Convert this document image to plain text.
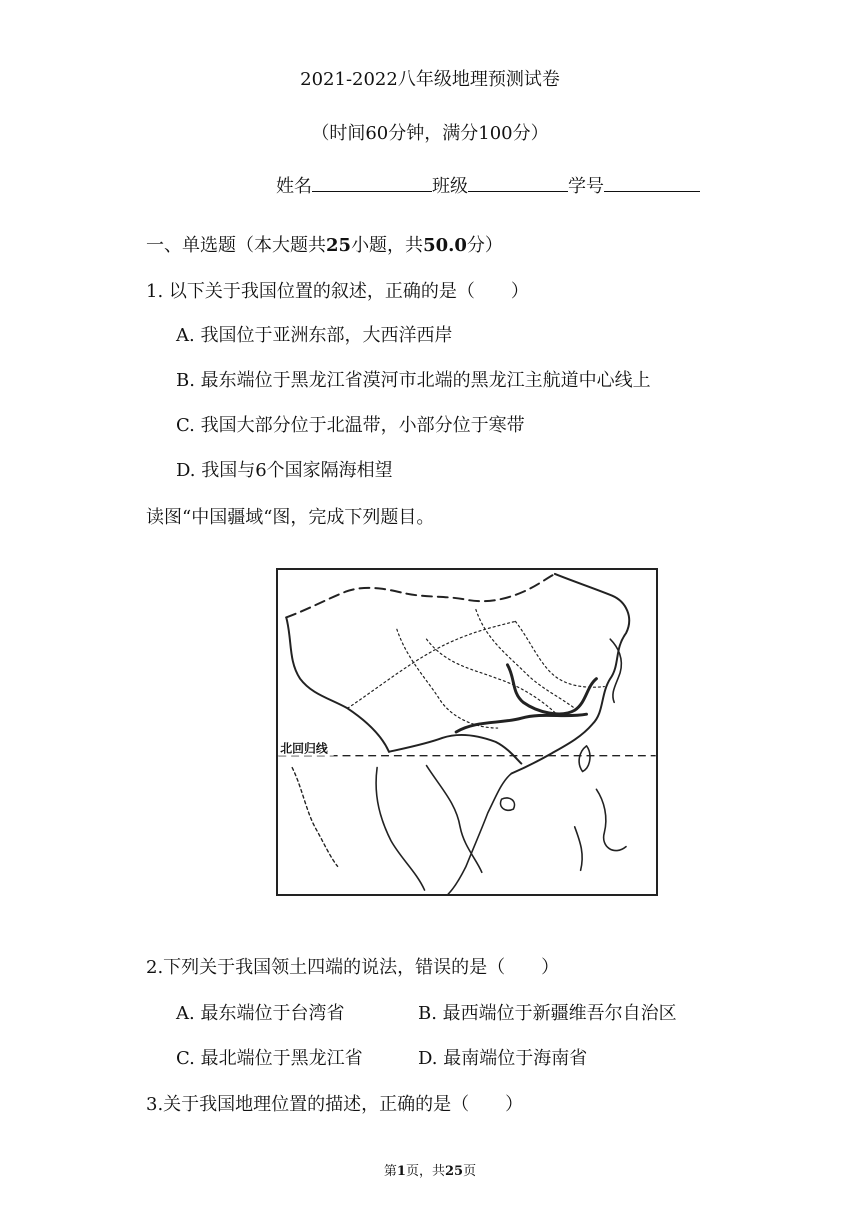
2021-2022八年级地理预测试卷
（时间60分钟，满分100分）
姓名	班级	学号
一、单选题（本大题共25小题，共50.0分）
1. 以下关于我国位置的叙述，正确的是（　　）
A. 我国位于亚洲东部，大西洋西岸
B. 最东端位于黑龙江省漠河市北端的黑龙江主航道中心线上
C. 我国大部分位于北温带，小部分位于寒带
D. 我国与6个国家隔海相望
读图“中国疆域“图，完成下列题目。
北回归线
2.下列关于我国领土四端的说法，错误的是（　　）
A. 最东端位于台湾省	B. 最西端位于新疆维吾尔自治区
C. 最北端位于黑龙江省	D. 最南端位于海南省
3.关于我国地理位置的描述，正确的是（　　）
第1页，共25页
